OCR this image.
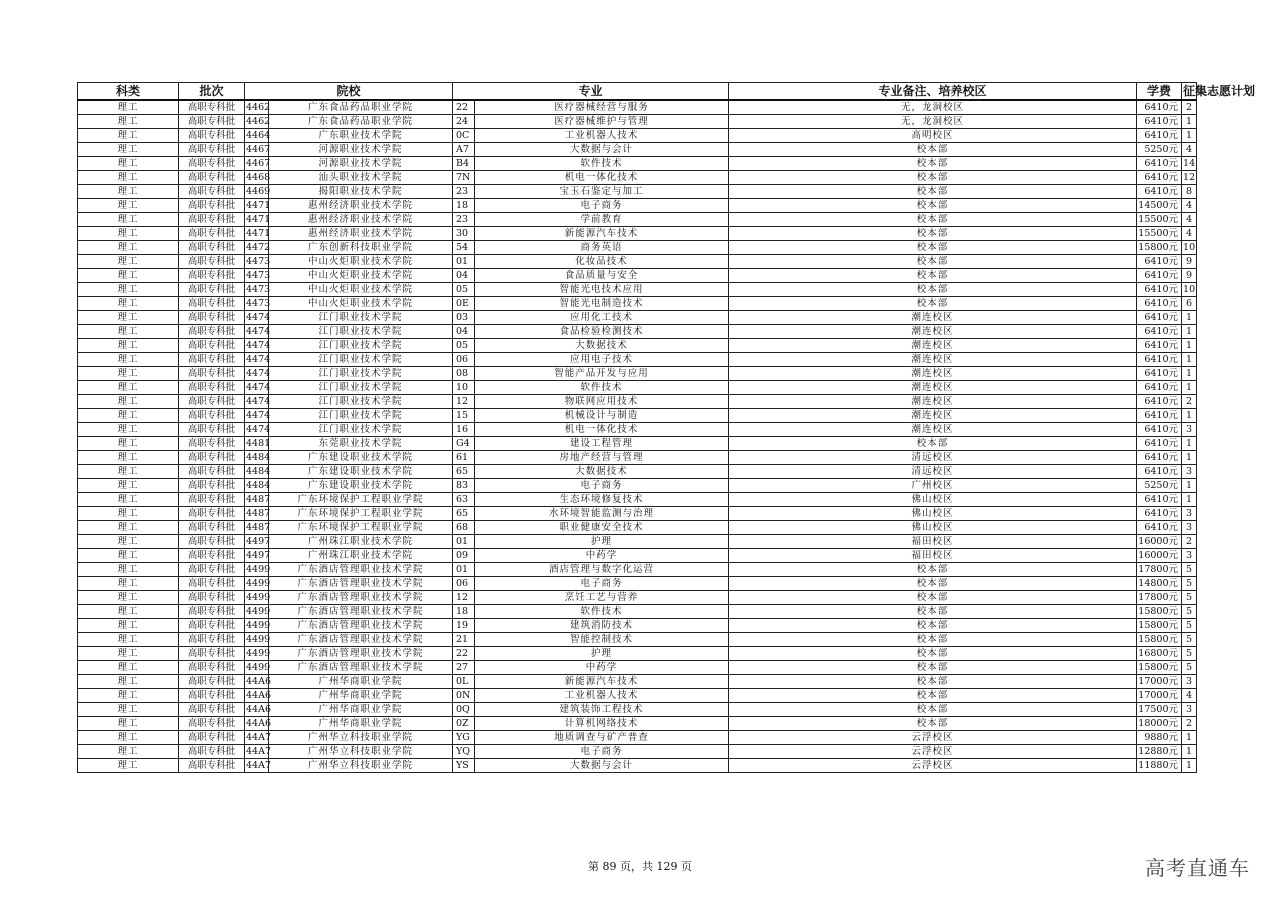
科类	批次	院校		专业		专业备注、培养校区	学费	征集志愿计划
理工	高职专科批	4462	广东食品药品职业学院	22	医疗器械经营与服务	无，龙洞校区	6410元	2
理工	高职专科批	4462	广东食品药品职业学院	24	医疗器械维护与管理	无，龙洞校区	6410元	1
理工	高职专科批	4464	广东职业技术学院	0C	工业机器人技术	高明校区	6410元	1
理工	高职专科批	4467	河源职业技术学院	A7	大数据与会计	校本部	5250元	4
理工	高职专科批	4467	河源职业技术学院	B4	软件技术	校本部	6410元	14
理工	高职专科批	4468	汕头职业技术学院	7N	机电一体化技术	校本部	6410元	12
理工	高职专科批	4469	揭阳职业技术学院	23	宝玉石鉴定与加工	校本部	6410元	8
理工	高职专科批	4471	惠州经济职业技术学院	18	电子商务	校本部	14500元	4
理工	高职专科批	4471	惠州经济职业技术学院	23	学前教育	校本部	15500元	4
理工	高职专科批	4471	惠州经济职业技术学院	30	新能源汽车技术	校本部	15500元	4
理工	高职专科批	4472	广东创新科技职业学院	54	商务英语	校本部	15800元	10
理工	高职专科批	4473	中山火炬职业技术学院	01	化妆品技术	校本部	6410元	9
理工	高职专科批	4473	中山火炬职业技术学院	04	食品质量与安全	校本部	6410元	9
理工	高职专科批	4473	中山火炬职业技术学院	05	智能光电技术应用	校本部	6410元	10
理工	高职专科批	4473	中山火炬职业技术学院	0E	智能光电制造技术	校本部	6410元	6
理工	高职专科批	4474	江门职业技术学院	03	应用化工技术	潮连校区	6410元	1
理工	高职专科批	4474	江门职业技术学院	04	食品检验检测技术	潮连校区	6410元	1
理工	高职专科批	4474	江门职业技术学院	05	大数据技术	潮连校区	6410元	1
理工	高职专科批	4474	江门职业技术学院	06	应用电子技术	潮连校区	6410元	1
理工	高职专科批	4474	江门职业技术学院	08	智能产品开发与应用	潮连校区	6410元	1
理工	高职专科批	4474	江门职业技术学院	10	软件技术	潮连校区	6410元	1
理工	高职专科批	4474	江门职业技术学院	12	物联网应用技术	潮连校区	6410元	2
理工	高职专科批	4474	江门职业技术学院	15	机械设计与制造	潮连校区	6410元	1
理工	高职专科批	4474	江门职业技术学院	16	机电一体化技术	潮连校区	6410元	3
理工	高职专科批	4481	东莞职业技术学院	G4	建设工程管理	校本部	6410元	1
理工	高职专科批	4484	广东建设职业技术学院	61	房地产经营与管理	清远校区	6410元	1
理工	高职专科批	4484	广东建设职业技术学院	65	大数据技术	清远校区	6410元	3
理工	高职专科批	4484	广东建设职业技术学院	83	电子商务	广州校区	5250元	1
理工	高职专科批	4487	广东环境保护工程职业学院	63	生态环境修复技术	佛山校区	6410元	1
理工	高职专科批	4487	广东环境保护工程职业学院	65	水环境智能监测与治理	佛山校区	6410元	3
理工	高职专科批	4487	广东环境保护工程职业学院	68	职业健康安全技术	佛山校区	6410元	3
理工	高职专科批	4497	广州珠江职业技术学院	01	护理	福田校区	16000元	2
理工	高职专科批	4497	广州珠江职业技术学院	09	中药学	福田校区	16000元	3
理工	高职专科批	4499	广东酒店管理职业技术学院	01	酒店管理与数字化运营	校本部	17800元	5
理工	高职专科批	4499	广东酒店管理职业技术学院	06	电子商务	校本部	14800元	5
理工	高职专科批	4499	广东酒店管理职业技术学院	12	烹饪工艺与营养	校本部	17800元	5
理工	高职专科批	4499	广东酒店管理职业技术学院	18	软件技术	校本部	15800元	5
理工	高职专科批	4499	广东酒店管理职业技术学院	19	建筑消防技术	校本部	15800元	5
理工	高职专科批	4499	广东酒店管理职业技术学院	21	智能控制技术	校本部	15800元	5
理工	高职专科批	4499	广东酒店管理职业技术学院	22	护理	校本部	16800元	5
理工	高职专科批	4499	广东酒店管理职业技术学院	27	中药学	校本部	15800元	5
理工	高职专科批	44A6	广州华商职业学院	0L	新能源汽车技术	校本部	17000元	3
理工	高职专科批	44A6	广州华商职业学院	0N	工业机器人技术	校本部	17000元	4
理工	高职专科批	44A6	广州华商职业学院	0Q	建筑装饰工程技术	校本部	17500元	3
理工	高职专科批	44A6	广州华商职业学院	0Z	计算机网络技术	校本部	18000元	2
理工	高职专科批	44A7	广州华立科技职业学院	YG	地质调查与矿产普查	云浮校区	9880元	1
理工	高职专科批	44A7	广州华立科技职业学院	YQ	电子商务	云浮校区	12880元	1
理工	高职专科批	44A7	广州华立科技职业学院	YS	大数据与会计	云浮校区	11880元	1
第 89 页，共 129 页	高考直通车
